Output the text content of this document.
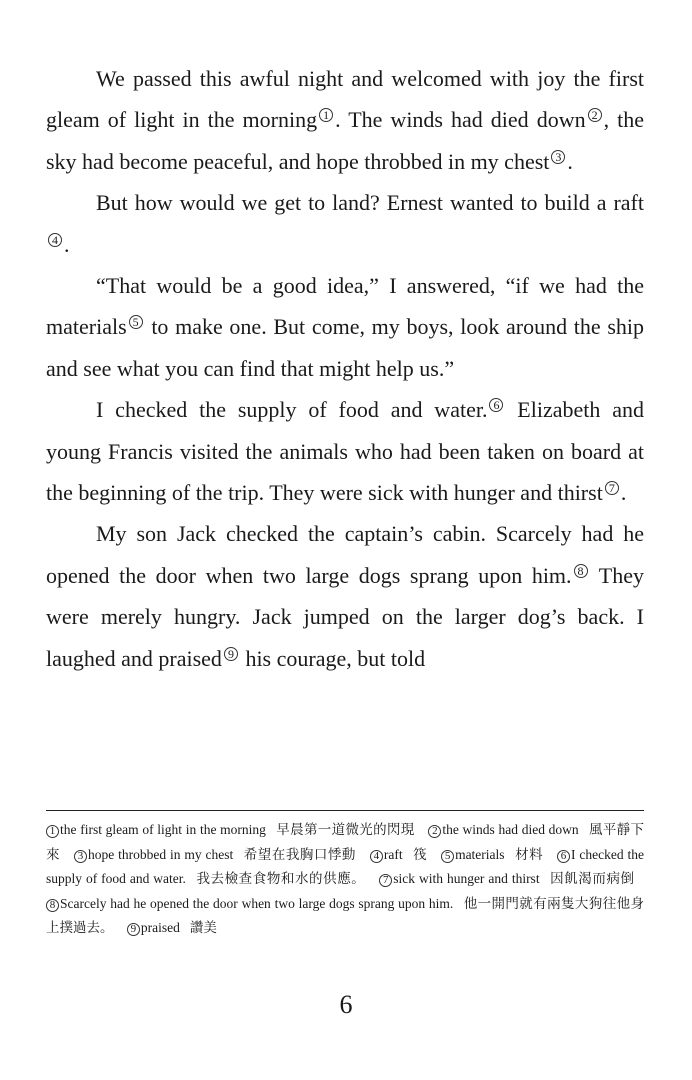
We passed this awful night and welcomed with joy the first gleam of light in the morning 1 . The winds had died down 2 , the sky had become peaceful, and hope throbbed in my chest 3 .

But how would we get to land? Ernest wanted to build a raft4 .

“That would be a good idea,” I answered, “if we had the materials 5 to make one. But come, my boys, look around the ship and see what you can find that might help us.”

I checked the supply of food and water. 6 Elizabeth and young Francis visited the animals who had been taken on board at the beginning of the trip. They were sick with hunger and thirst 7 .

My son Jack checked the captain’s cabin. Scarcely had he opened the door when two large dogs sprang upon him. 8 They were merely hungry. Jack jumped on the larger dog’s back. I laughed and praised 9 his courage, but told

1 the first gleam of light in the morning 早晨第一道微光的閃現 2 the winds had died down 風平靜下來 3 hope throbbed in my chest 希望在我胸口悸動 4 raft 筏 5 materials 材料 6 I checked the supply of food and water. 我去檢查食物和水的供應。 7 sick with hunger and thirst 因飢渴而病倒 8 Scarcely had he opened the door when two large dogs sprang upon him. 他一開門就有兩隻大狗往他身上撲過去。 9 praised 讚美
6
